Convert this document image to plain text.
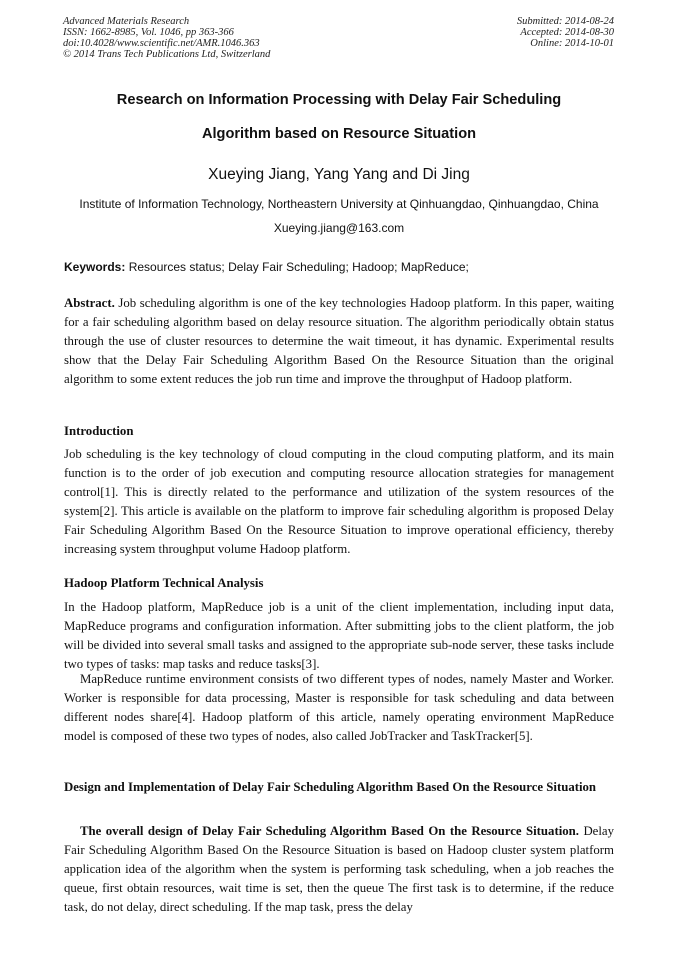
Advanced Materials Research
ISSN: 1662-8985, Vol. 1046, pp 363-366
doi:10.4028/www.scientific.net/AMR.1046.363
© 2014 Trans Tech Publications Ltd, Switzerland
Submitted: 2014-08-24
Accepted: 2014-08-30
Online: 2014-10-01
Research on Information Processing with Delay Fair Scheduling
Algorithm based on Resource Situation
Xueying Jiang, Yang Yang and Di Jing
Institute of Information Technology, Northeastern University at Qinhuangdao, Qinhuangdao, China
Xueying.jiang@163.com
Keywords: Resources status; Delay Fair Scheduling; Hadoop; MapReduce;
Abstract. Job scheduling algorithm is one of the key technologies Hadoop platform. In this paper, waiting for a fair scheduling algorithm based on delay resource situation. The algorithm periodically obtain status through the use of cluster resources to determine the wait timeout, it has dynamic. Experimental results show that the Delay Fair Scheduling Algorithm Based On the Resource Situation than the original algorithm to some extent reduces the job run time and improve the throughput of Hadoop platform.
Introduction
Job scheduling is the key technology of cloud computing in the cloud computing platform, and its main function is to the order of job execution and computing resource allocation strategies for management control[1]. This is directly related to the performance and utilization of the system resources of the system[2]. This article is available on the platform to improve fair scheduling algorithm is proposed Delay Fair Scheduling Algorithm Based On the Resource Situation to improve operational efficiency, thereby increasing system throughput volume Hadoop platform.
Hadoop Platform Technical Analysis
In the Hadoop platform, MapReduce job is a unit of the client implementation, including input data, MapReduce programs and configuration information. After submitting jobs to the client platform, the job will be divided into several small tasks and assigned to the appropriate sub-node server, these tasks include two types of tasks: map tasks and reduce tasks[3].
MapReduce runtime environment consists of two different types of nodes, namely Master and Worker. Worker is responsible for data processing, Master is responsible for task scheduling and data between different nodes share[4]. Hadoop platform of this article, namely operating environment MapReduce model is composed of these two types of nodes, also called JobTracker and TaskTracker[5].
Design and Implementation of Delay Fair Scheduling Algorithm Based On the Resource Situation
The overall design of Delay Fair Scheduling Algorithm Based On the Resource Situation. Delay Fair Scheduling Algorithm Based On the Resource Situation is based on Hadoop cluster system platform application idea of the algorithm when the system is performing task scheduling, when a job reaches the queue, first obtain resources, wait time is set, then the queue The first task is to determine, if the reduce task, do not delay, direct scheduling. If the map task, press the delay
